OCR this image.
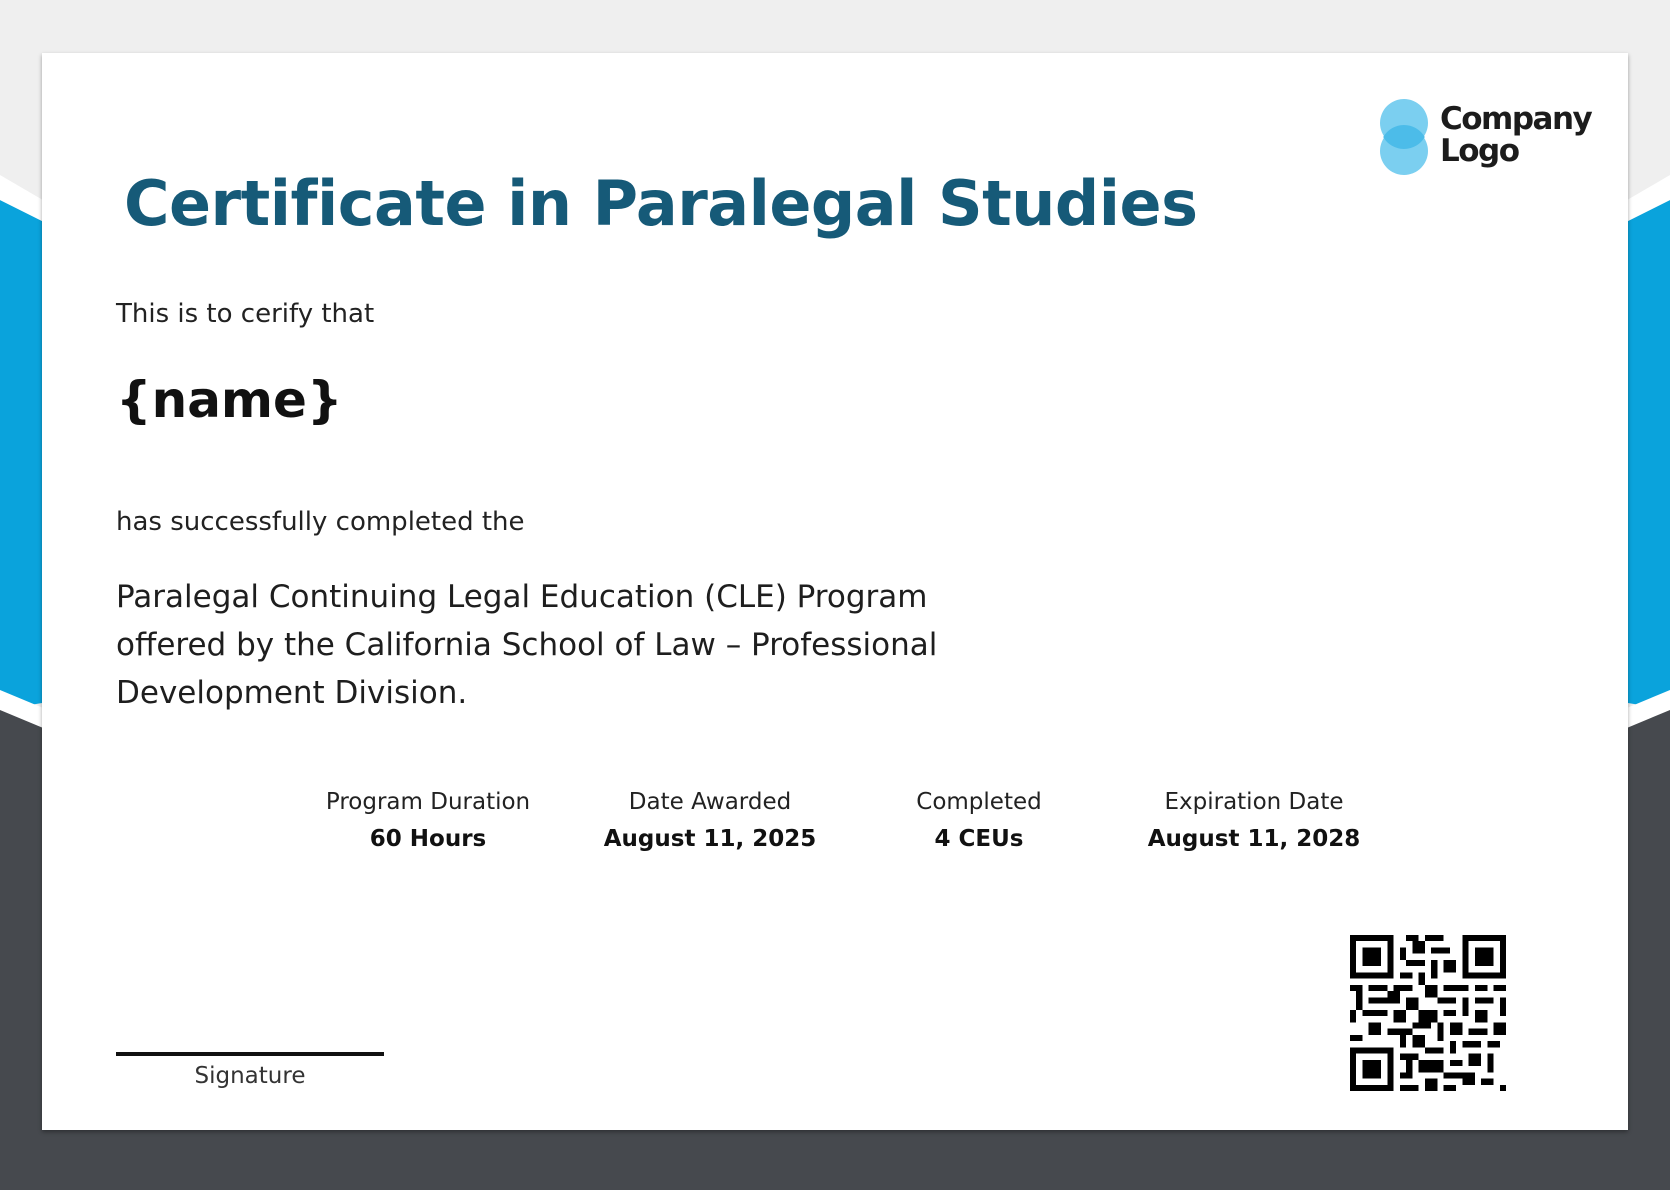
Company
Logo
Certificate in Paralegal Studies
This is to cerify that
{name}
has successfully completed the
Paralegal Continuing Legal Education (CLE) Program
offered by the California School of Law – Professional
Development Division.
Program Duration
60 Hours
Date Awarded
August 11, 2025
Completed
4 CEUs
Expiration Date
August 11, 2028
Signature
